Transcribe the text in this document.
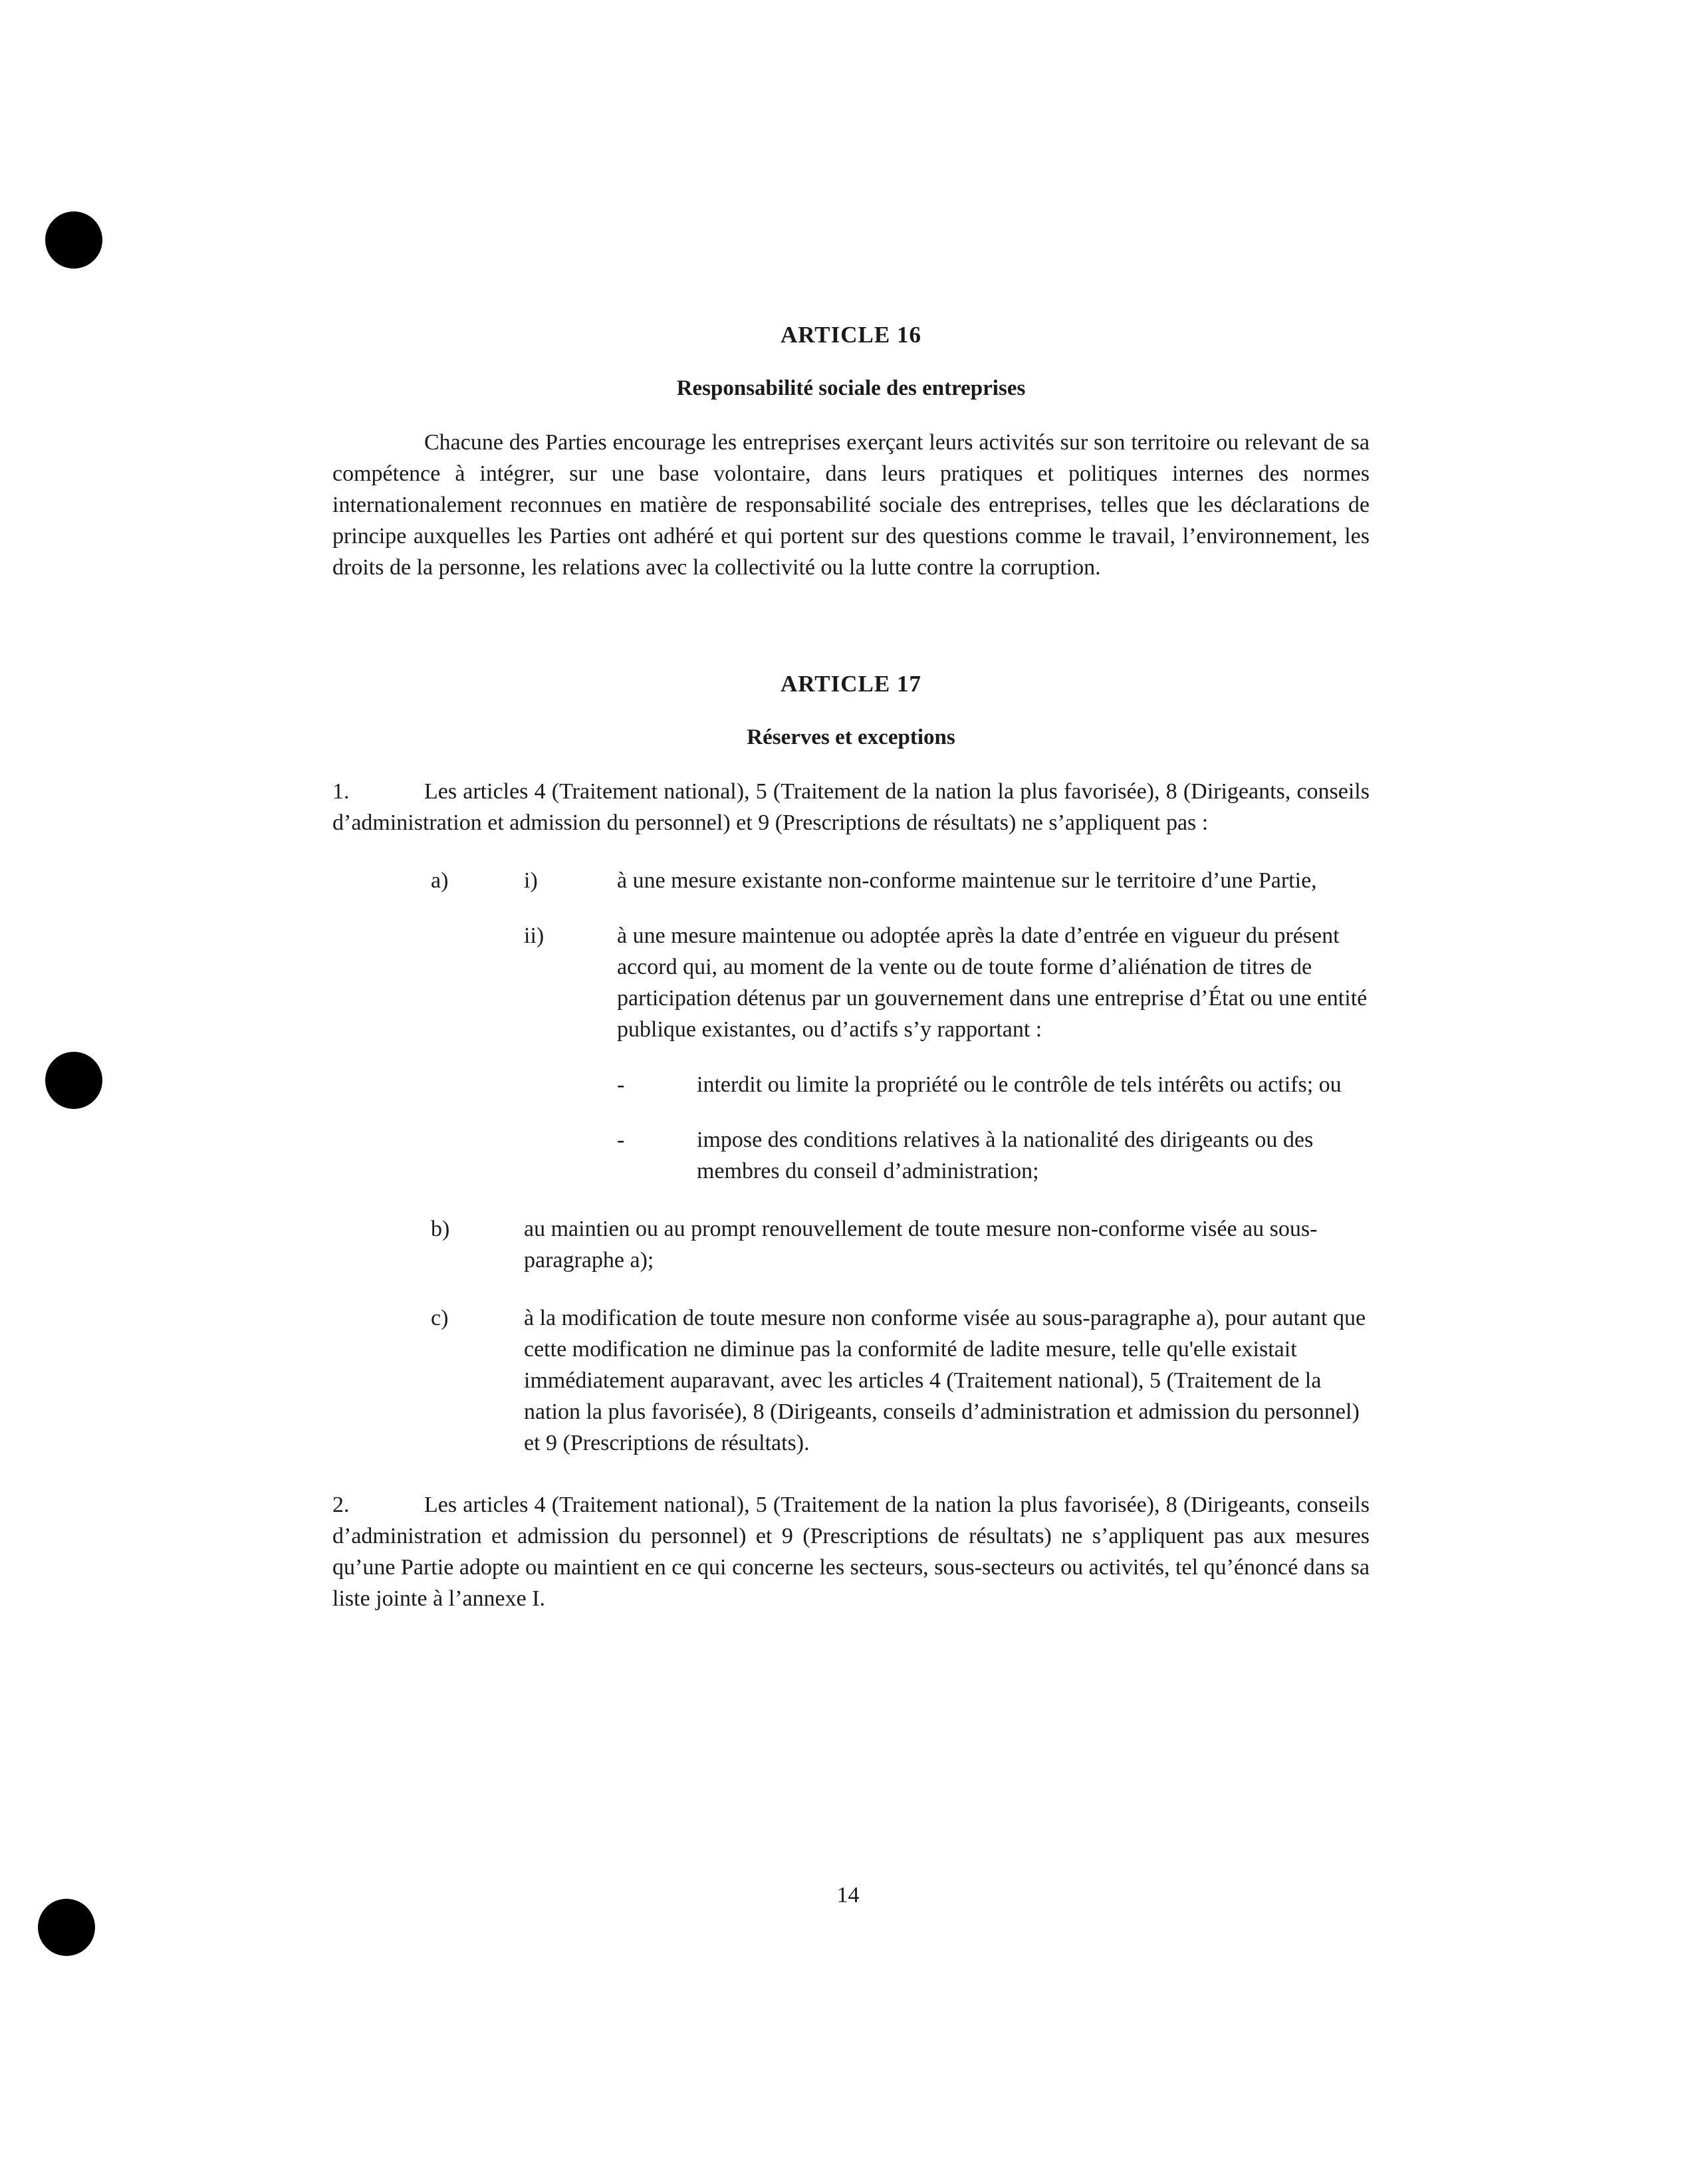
ARTICLE 16
Responsabilité sociale des entreprises

Chacune des Parties encourage les entreprises exerçant leurs activités sur son territoire ou relevant de sa compétence à intégrer, sur une base volontaire, dans leurs pratiques et politiques internes des normes internationalement reconnues en matière de responsabilité sociale des entreprises, telles que les déclarations de principe auxquelles les Parties ont adhéré et qui portent sur des questions comme le travail, l’environnement, les droits de la personne, les relations avec la collectivité ou la lutte contre la corruption.

ARTICLE 17
Réserves et exceptions

1.	Les articles 4 (Traitement national), 5 (Traitement de la nation la plus favorisée), 8 (Dirigeants, conseils d’administration et admission du personnel) et 9 (Prescriptions de résultats) ne s’appliquent pas :

a)	i)	à une mesure existante non-conforme maintenue sur le territoire d’une Partie,

ii)	à une mesure maintenue ou adoptée après la date d’entrée en vigueur du présent accord qui, au moment de la vente ou de toute forme d’aliénation de titres de participation détenus par un gouvernement dans une entreprise d’État ou une entité publique existantes, ou d’actifs s’y rapportant :

-	interdit ou limite la propriété ou le contrôle de tels intérêts ou actifs; ou

-	impose des conditions relatives à la nationalité des dirigeants ou des membres du conseil d’administration;

b)	au maintien ou au prompt renouvellement de toute mesure non-conforme visée au sous-paragraphe a);

c)	à la modification de toute mesure non conforme visée au sous-paragraphe a), pour autant que cette modification ne diminue pas la conformité de ladite mesure, telle qu'elle existait immédiatement auparavant, avec les articles 4 (Traitement national), 5 (Traitement de la nation la plus favorisée), 8 (Dirigeants, conseils d’administration et admission du personnel) et 9 (Prescriptions de résultats).

2.	Les articles 4 (Traitement national), 5 (Traitement de la nation la plus favorisée), 8 (Dirigeants, conseils d’administration et admission du personnel) et 9 (Prescriptions de résultats) ne s’appliquent pas aux mesures qu’une Partie adopte ou maintient en ce qui concerne les secteurs, sous-secteurs ou activités, tel qu’énoncé dans sa liste jointe à l’annexe I.

14
